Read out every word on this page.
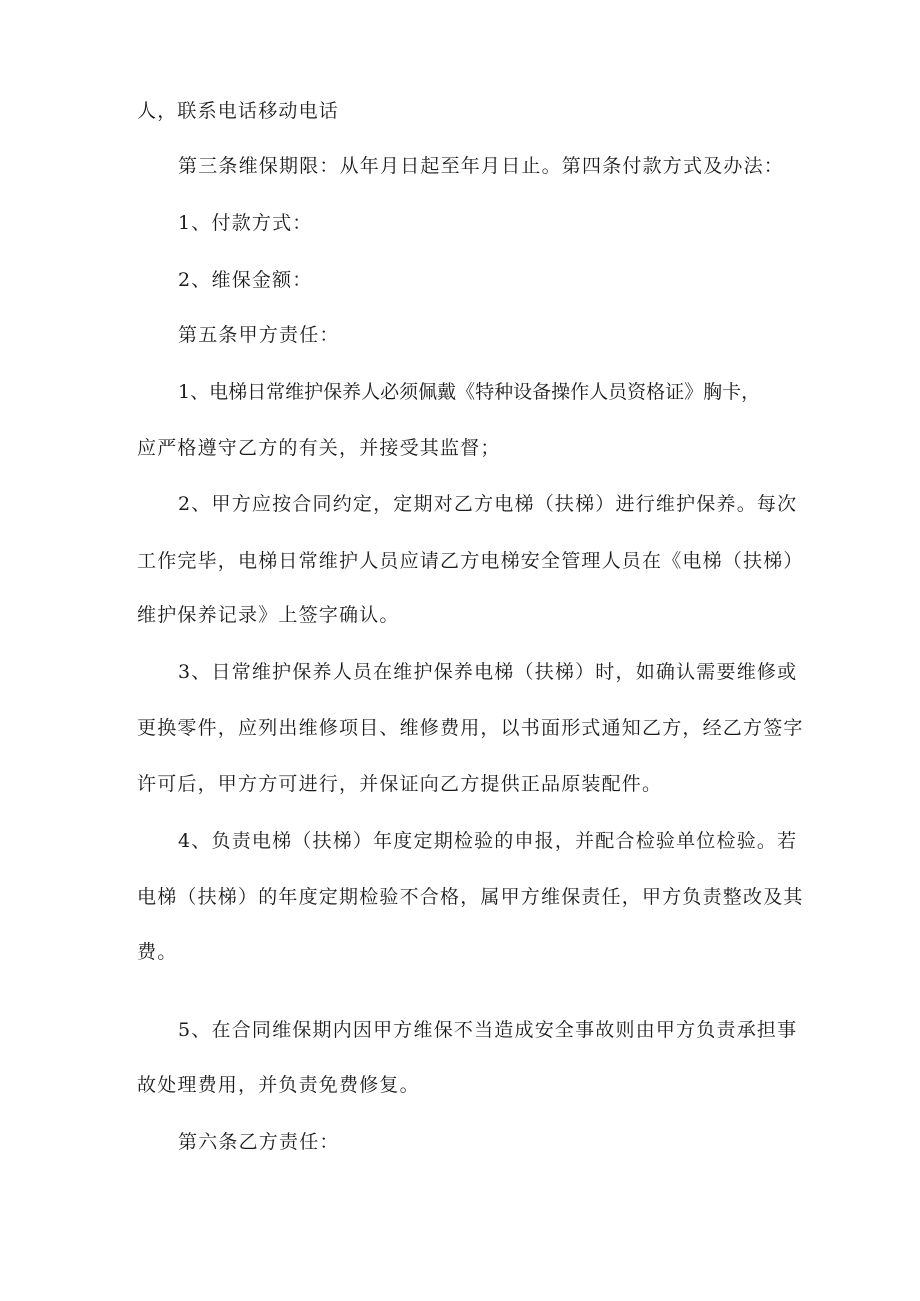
人，联系电话移动电话
第三条维保期限：从年月日起至年月日止。第四条付款方式及办法：
1、付款方式：
2、维保金额：
第五条甲方责任：
1、电梯日常维护保养人必须佩戴《特种设备操作人员资格证》胸卡，
应严格遵守乙方的有关，并接受其监督；
2、甲方应按合同约定，定期对乙方电梯（扶梯）进行维护保养。每次
工作完毕，电梯日常维护人员应请乙方电梯安全管理人员在《电梯（扶梯）
维护保养记录》上签字确认。
3、日常维护保养人员在维护保养电梯（扶梯）时，如确认需要维修或
更换零件，应列出维修项目、维修费用，以书面形式通知乙方，经乙方签字
许可后，甲方方可进行，并保证向乙方提供正品原装配件。
4、负责电梯（扶梯）年度定期检验的申报，并配合检验单位检验。若
电梯（扶梯）的年度定期检验不合格，属甲方维保责任，甲方负责整改及其
费。
5、在合同维保期内因甲方维保不当造成安全事故则由甲方负责承担事
故处理费用，并负责免费修复。
第六条乙方责任：
